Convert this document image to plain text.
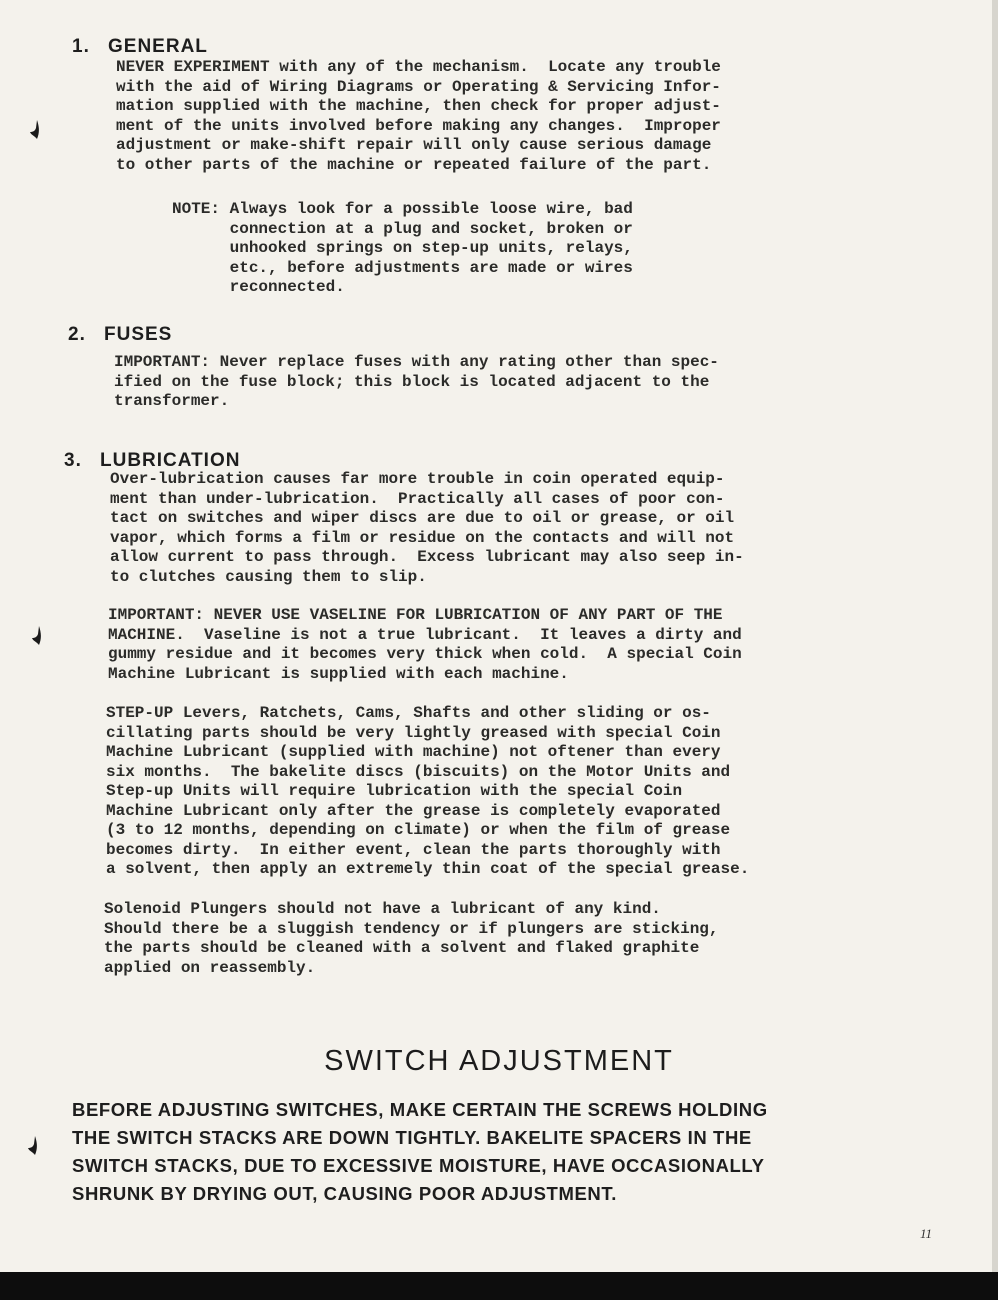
1. GENERAL
NEVER EXPERIMENT with any of the mechanism.  Locate any trouble
with the aid of Wiring Diagrams or Operating & Servicing Infor-
mation supplied with the machine, then check for proper adjust-
ment of the units involved before making any changes.  Improper
adjustment or make-shift repair will only cause serious damage
to other parts of the machine or repeated failure of the part.
NOTE: Always look for a possible loose wire, bad
connection at a plug and socket, broken or
unhooked springs on step-up units, relays,
etc., before adjustments are made or wires
reconnected.
2. FUSES
IMPORTANT: Never replace fuses with any rating other than spec-
ified on the fuse block; this block is located adjacent to the
transformer.
3. LUBRICATION
Over-lubrication causes far more trouble in coin operated equip-
ment than under-lubrication.  Practically all cases of poor con-
tact on switches and wiper discs are due to oil or grease, or oil
vapor, which forms a film or residue on the contacts and will not
allow current to pass through.  Excess lubricant may also seep in-
to clutches causing them to slip.
IMPORTANT: NEVER USE VASELINE FOR LUBRICATION OF ANY PART OF THE
MACHINE.  Vaseline is not a true lubricant.  It leaves a dirty and
gummy residue and it becomes very thick when cold.  A special Coin
Machine Lubricant is supplied with each machine.
STEP-UP Levers, Ratchets, Cams, Shafts and other sliding or os-
cillating parts should be very lightly greased with special Coin
Machine Lubricant (supplied with machine) not oftener than every
six months.  The bakelite discs (biscuits) on the Motor Units and
Step-up Units will require lubrication with the special Coin
Machine Lubricant only after the grease is completely evaporated
(3 to 12 months, depending on climate) or when the film of grease
becomes dirty.  In either event, clean the parts thoroughly with
a solvent, then apply an extremely thin coat of the special grease.
Solenoid Plungers should not have a lubricant of any kind.
Should there be a sluggish tendency or if plungers are sticking,
the parts should be cleaned with a solvent and flaked graphite
applied on reassembly.
SWITCH ADJUSTMENT
BEFORE ADJUSTING SWITCHES, MAKE CERTAIN THE SCREWS HOLDING
THE SWITCH STACKS ARE DOWN TIGHTLY. BAKELITE SPACERS IN THE
SWITCH STACKS, DUE TO EXCESSIVE MOISTURE, HAVE OCCASIONALLY
SHRUNK BY DRYING OUT, CAUSING POOR ADJUSTMENT.
11
